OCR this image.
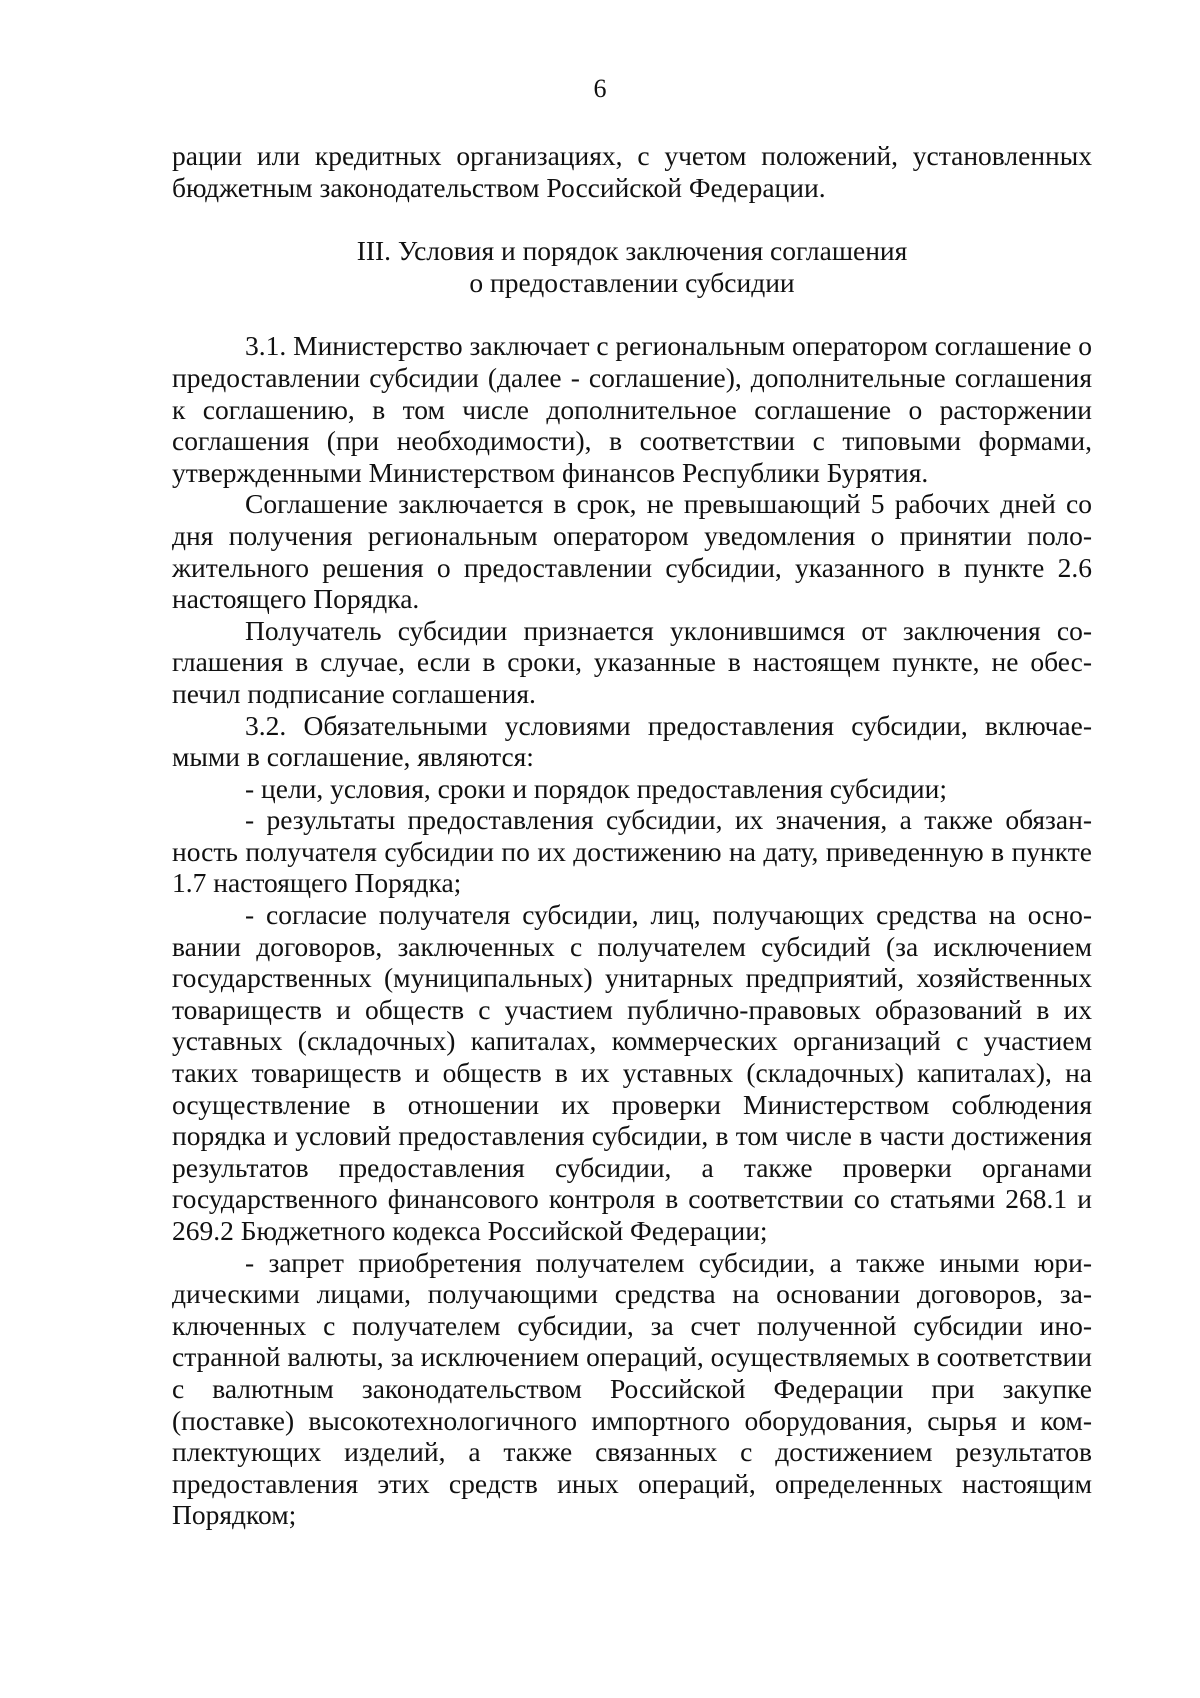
6

рации или кредитных организациях, с учетом положений, установленных бюджетным законодательством Российской Федерации.

III. Условия и порядок заключения соглашения
о предоставлении субсидии

3.1. Министерство заключает с региональным оператором соглашение о предоставлении субсидии (далее - соглашение), дополнительные соглашения к соглашению, в том числе дополнительное соглашение о расторжении соглашения (при необходимости), в соответствии с типовыми формами, утвержденными Министерством финансов Республики Бурятия.

Соглашение заключается в срок, не превышающий 5 рабочих дней со дня получения региональным оператором уведомления о принятии положительного решения о предоставлении субсидии, указанного в пункте 2.6 настоящего Порядка.

Получатель субсидии признается уклонившимся от заключения соглашения в случае, если в сроки, указанные в настоящем пункте, не обеспечил подписание соглашения.

3.2. Обязательными условиями предоставления субсидии, включаемыми в соглашение, являются:

- цели, условия, сроки и порядок предоставления субсидии;

- результаты предоставления субсидии, их значения, а также обязанность получателя субсидии по их достижению на дату, приведенную в пункте 1.7 настоящего Порядка;

- согласие получателя субсидии, лиц, получающих средства на основании договоров, заключенных с получателем субсидий (за исключением государственных (муниципальных) унитарных предприятий, хозяйственных товариществ и обществ с участием публично-правовых образований в их уставных (складочных) капиталах, коммерческих организаций с участием таких товариществ и обществ в их уставных (складочных) капиталах), на осуществление в отношении их проверки Министерством соблюдения порядка и условий предоставления субсидии, в том числе в части достижения результатов предоставления субсидии, а также проверки органами государственного финансового контроля в соответствии со статьями 268.1 и 269.2 Бюджетного кодекса Российской Федерации;

- запрет приобретения получателем субсидии, а также иными юридическими лицами, получающими средства на основании договоров, заключенных с получателем субсидии, за счет полученной субсидии иностранной валюты, за исключением операций, осуществляемых в соответствии с валютным законодательством Российской Федерации при закупке (поставке) высокотехнологичного импортного оборудования, сырья и комплектующих изделий, а также связанных с достижением результатов предоставления этих средств иных операций, определенных настоящим Порядком;
